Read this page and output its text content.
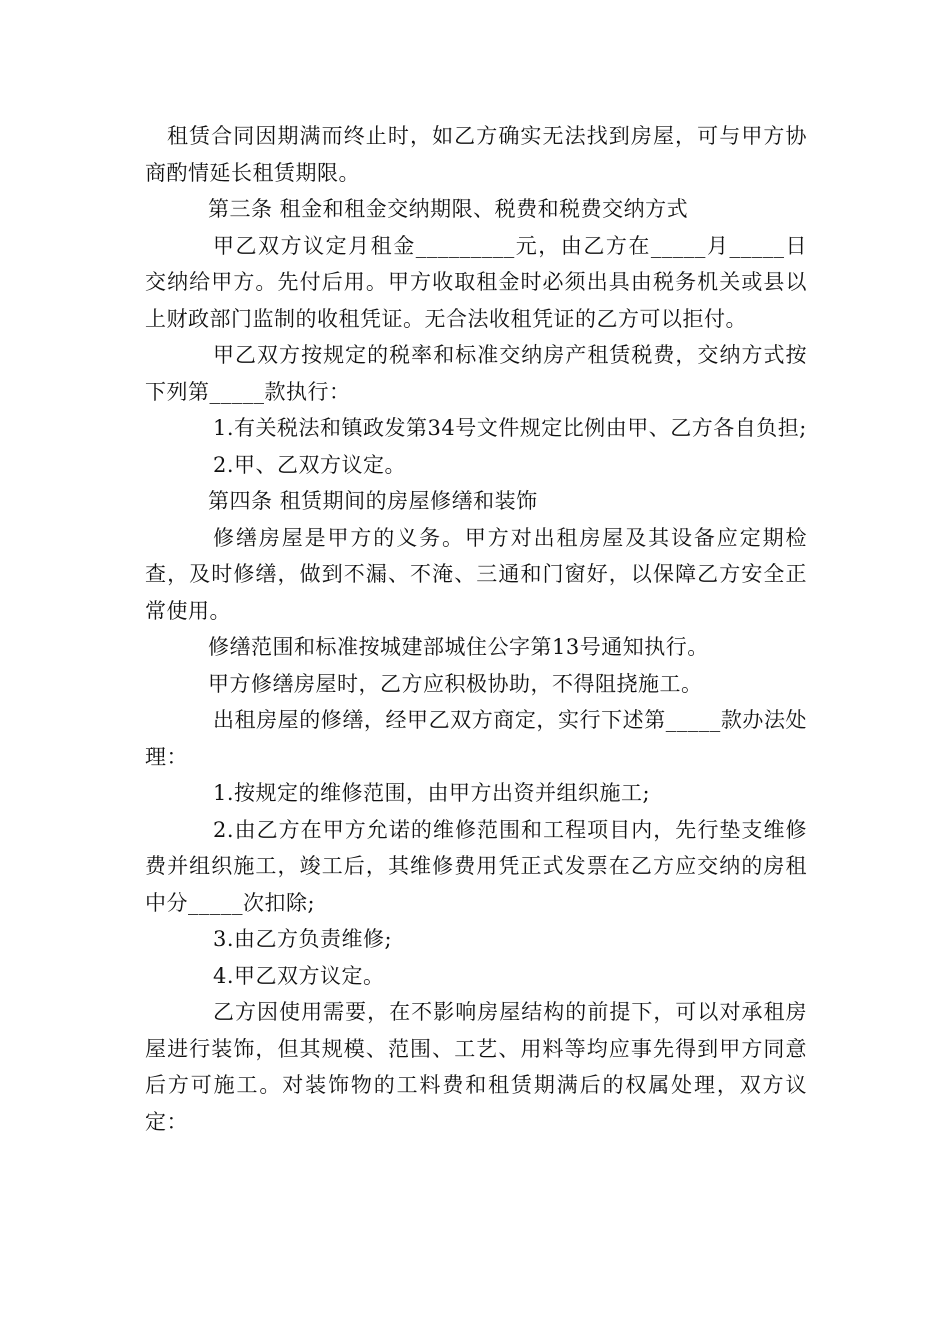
租赁合同因期满而终止时，如乙方确实无法找到房屋，可与甲方协商酌情延长租赁期限。

第三条 租金和租金交纳期限、税费和税费交纳方式

甲乙双方议定月租金_________元，由乙方在_____月_____日交纳给甲方。先付后用。甲方收取租金时必须出具由税务机关或县以上财政部门监制的收租凭证。无合法收租凭证的乙方可以拒付。

甲乙双方按规定的税率和标准交纳房产租赁税费，交纳方式按下列第_____款执行：

1.有关税法和镇政发第34号文件规定比例由甲、乙方各自负担;

2.甲、乙双方议定。

第四条 租赁期间的房屋修缮和装饰

修缮房屋是甲方的义务。甲方对出租房屋及其设备应定期检查，及时修缮，做到不漏、不淹、三通和门窗好，以保障乙方安全正常使用。

修缮范围和标准按城建部城住公字第13号通知执行。

甲方修缮房屋时，乙方应积极协助，不得阻挠施工。

出租房屋的修缮，经甲乙双方商定，实行下述第_____款办法处理：

1.按规定的维修范围，由甲方出资并组织施工;

2.由乙方在甲方允诺的维修范围和工程项目内，先行垫支维修费并组织施工，竣工后，其维修费用凭正式发票在乙方应交纳的房租中分_____次扣除;

3.由乙方负责维修;

4.甲乙双方议定。

乙方因使用需要，在不影响房屋结构的前提下，可以对承租房屋进行装饰，但其规模、范围、工艺、用料等均应事先得到甲方同意后方可施工。对装饰物的工料费和租赁期满后的权属处理，双方议定：
